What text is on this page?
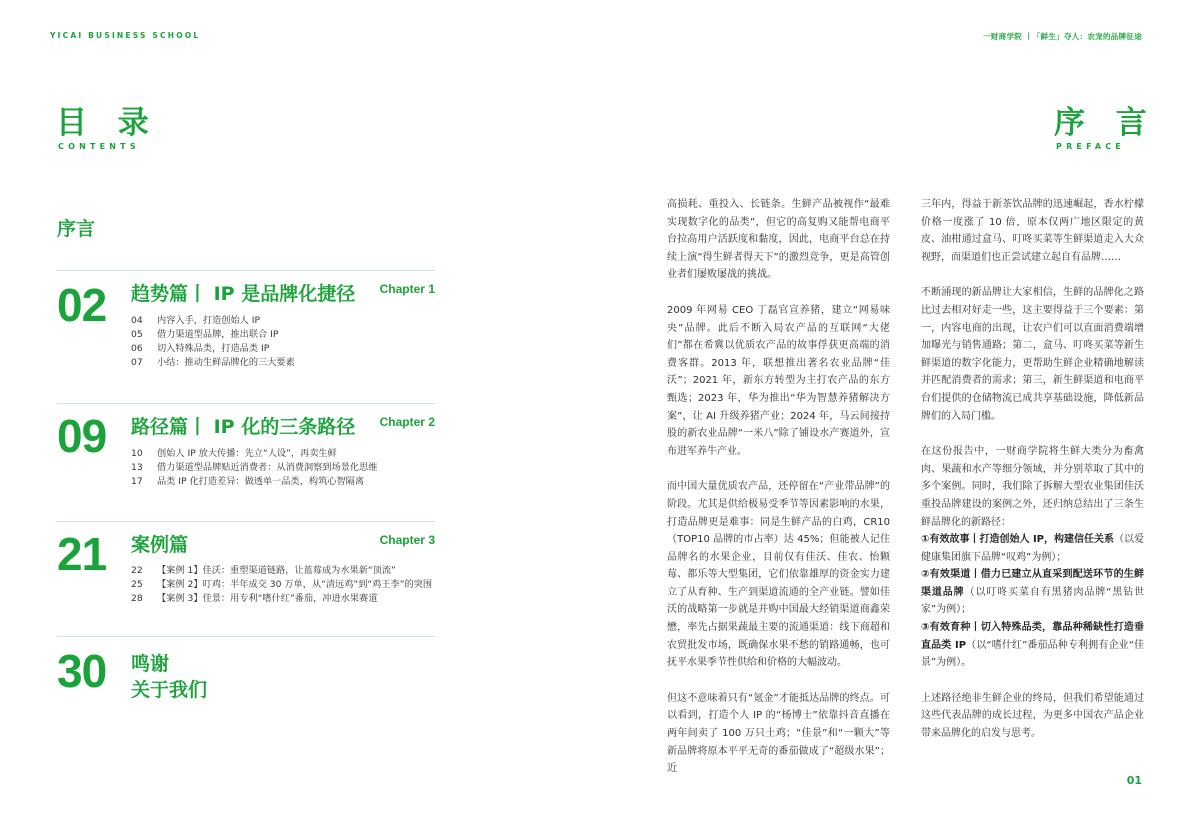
YICAI BUSINESS SCHOOL	一财商学院 丨「鲜生」夺人：农宠的品牌征途
目 录
CONTENTS
序言
02 趋势篇丨 IP 是品牌化捷径 Chapter 1
04 内容入手，打造创始人 IP
05 借力渠道型品牌，推出联合 IP
06 切入特殊品类，打造品类 IP
07 小结：推动生鲜品牌化的三大要素
09 路径篇丨 IP 化的三条路径 Chapter 2
10 创始人 IP 放大传播：先立“人设”，再卖生鲜
13 借力渠道型品牌贴近消费者：从消费洞察到场景化思维
17 品类 IP 化打造差异：做透单一品类，构筑心智隔离
21 案例篇	Chapter 3
22 【案例 1】佳沃：重塑渠道链路，让蓝莓成为水果新“顶流”
25 【案例 2】叮鸡：半年成交 30 万单，从“清远鸡”到“鸡王李”的突围
28 【案例 3】佳景：用专利“嗜什红”番茄，冲进水果赛道
30 鸣谢
关于我们
序 言
PREFACE

高损耗、重投入、长链条。生鲜产品被视作“最难实现数字化的品类”，但它的高复购又能帮电商平台拉高用户活跃度和黏度，因此，电商平台总在持续上演“得生鲜者得天下”的激烈竞争，更是高管创业者们屡败屡战的挑战。

2009 年网易 CEO 丁磊官宣养猪，建立“网易味央”品牌。此后不断入局农产品的互联网“大佬们”都在希冀以优质农产品的故事俘获更高端的消费客群。2013 年，联想推出著名农业品牌“佳沃”；2021 年，新东方转型为主打农产品的东方甄选；2023 年，华为推出“华为智慧养猪解决方案”，让 AI 升级养猪产业；2024 年，马云间接持股的新农业品牌“一米八”除了铺设水产赛道外，宣布进军养牛产业。

而中国大量优质农产品，还停留在“产业带品牌”的阶段。尤其是供给极易受季节等因素影响的水果，打造品牌更是难事：同是生鲜产品的白鸡，CR10（TOP10 品牌的市占率）达 45%；但能被人记住品牌名的水果企业，目前仅有佳沃、佳农、怡颗莓、都乐等大型集团，它们依靠雄厚的资金实力建立了从育种、生产到渠道流通的全产业链。譬如佳沃的战略第一步就是并购中国最大经销渠道商鑫荣懋，率先占据果蔬最主要的流通渠道：线下商超和农贸批发市场，既确保水果不愁的销路通畅，也可抚平水果季节性供给和价格的大幅波动。

但这不意味着只有“氪金”才能抵达品牌的终点。可以看到，打造个人 IP 的“杨博士”依靠抖音直播在两年间卖了 100 万只土鸡；“佳景”和“一颗大”等新品牌将原本平平无奇的番茄做成了“超级水果”；近

三年内，得益于新茶饮品牌的迅速崛起，香水柠檬价格一度涨了 10 倍，原本仅两广地区限定的黄皮、油柑通过盒马、叮咚买菜等生鲜渠道走入大众视野，而渠道们也正尝试建立起自有品牌……

不断涌现的新品牌让大家相信，生鲜的品牌化之路比过去相对好走一些，这主要得益于三个要素：第一，内容电商的出现，让农户们可以直面消费端增加曝光与销售通路；第二，盒马、叮咚买菜等新生鲜渠道的数字化能力，更帮助生鲜企业精确地解读并匹配消费者的需求；第三，新生鲜渠道和电商平台们提供的仓储物流已成共享基础设施，降低新品牌们的入局门槛。

在这份报告中，一财商学院将生鲜大类分为畜禽肉、果蔬和水产等细分领域，并分别萃取了其中的多个案例。同时，我们除了拆解大型农业集团佳沃重投品牌建设的案例之外，还归纳总结出了三条生鲜品牌化的新路径：
①有效故事丨打造创始人 IP，构建信任关系（以爱健康集团旗下品牌“叹鸡”为例）；
②有效渠道丨借力已建立从直采到配送环节的生鲜渠道品牌（以叮咚买菜自有黑猪肉品牌“黑钻世家”为例）；
③有效育种丨切入特殊品类，靠品种稀缺性打造垂直品类 IP（以“嗜什红”番茄品种专利拥有企业“佳景”为例）。

上述路径绝非生鲜企业的终局，但我们希望能通过这些代表品牌的成长过程，为更多中国农产品企业带来品牌化的启发与思考。

01
